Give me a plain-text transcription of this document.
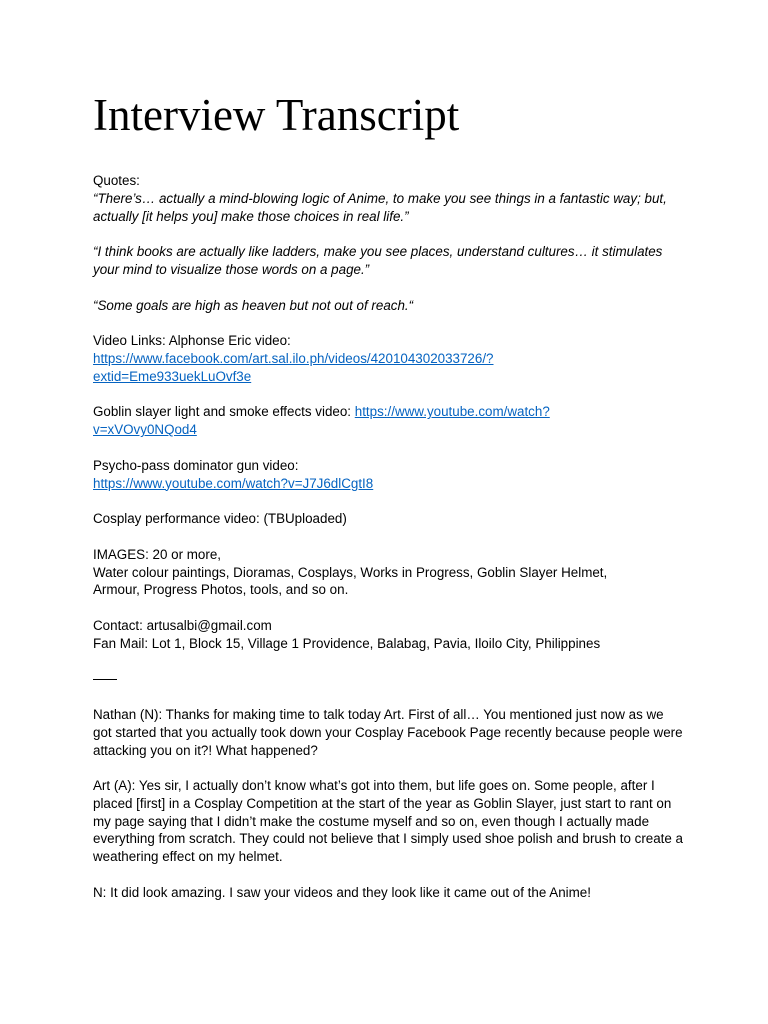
Interview Transcript
Quotes:
“There’s… actually a mind-blowing logic of Anime, to make you see things in a fantastic way; but, actually [it helps you] make those choices in real life.”
“I think books are actually like ladders, make you see places, understand cultures… it stimulates your mind to visualize those words on a page.”
“Some goals are high as heaven but not out of reach.“
Video Links: Alphonse Eric video:
https://www.facebook.com/art.sal.ilo.ph/videos/420104302033726/?
extid=Eme933uekLuOvf3e
Goblin slayer light and smoke effects video: https://www.youtube.com/watch?
v=xVOvy0NQod4
Psycho-pass dominator gun video:
https://www.youtube.com/watch?v=J7J6dlCgtI8
Cosplay performance video: (TBUploaded)
IMAGES: 20 or more,
Water colour paintings, Dioramas, Cosplays, Works in Progress, Goblin Slayer Helmet,
Armour, Progress Photos, tools, and so on.
Contact: artusalbi@gmail.com
Fan Mail: Lot 1, Block 15, Village 1 Providence, Balabag, Pavia, Iloilo City, Philippines
Nathan (N): Thanks for making time to talk today Art. First of all… You mentioned just now as we got started that you actually took down your Cosplay Facebook Page recently because people were attacking you on it?! What happened?
Art (A): Yes sir, I actually don’t know what’s got into them, but life goes on. Some people, after I placed [first] in a Cosplay Competition at the start of the year as Goblin Slayer, just start to rant on my page saying that I didn’t make the costume myself and so on, even though I actually made everything from scratch. They could not believe that I simply used shoe polish and brush to create a weathering effect on my helmet.
N: It did look amazing. I saw your videos and they look like it came out of the Anime!
